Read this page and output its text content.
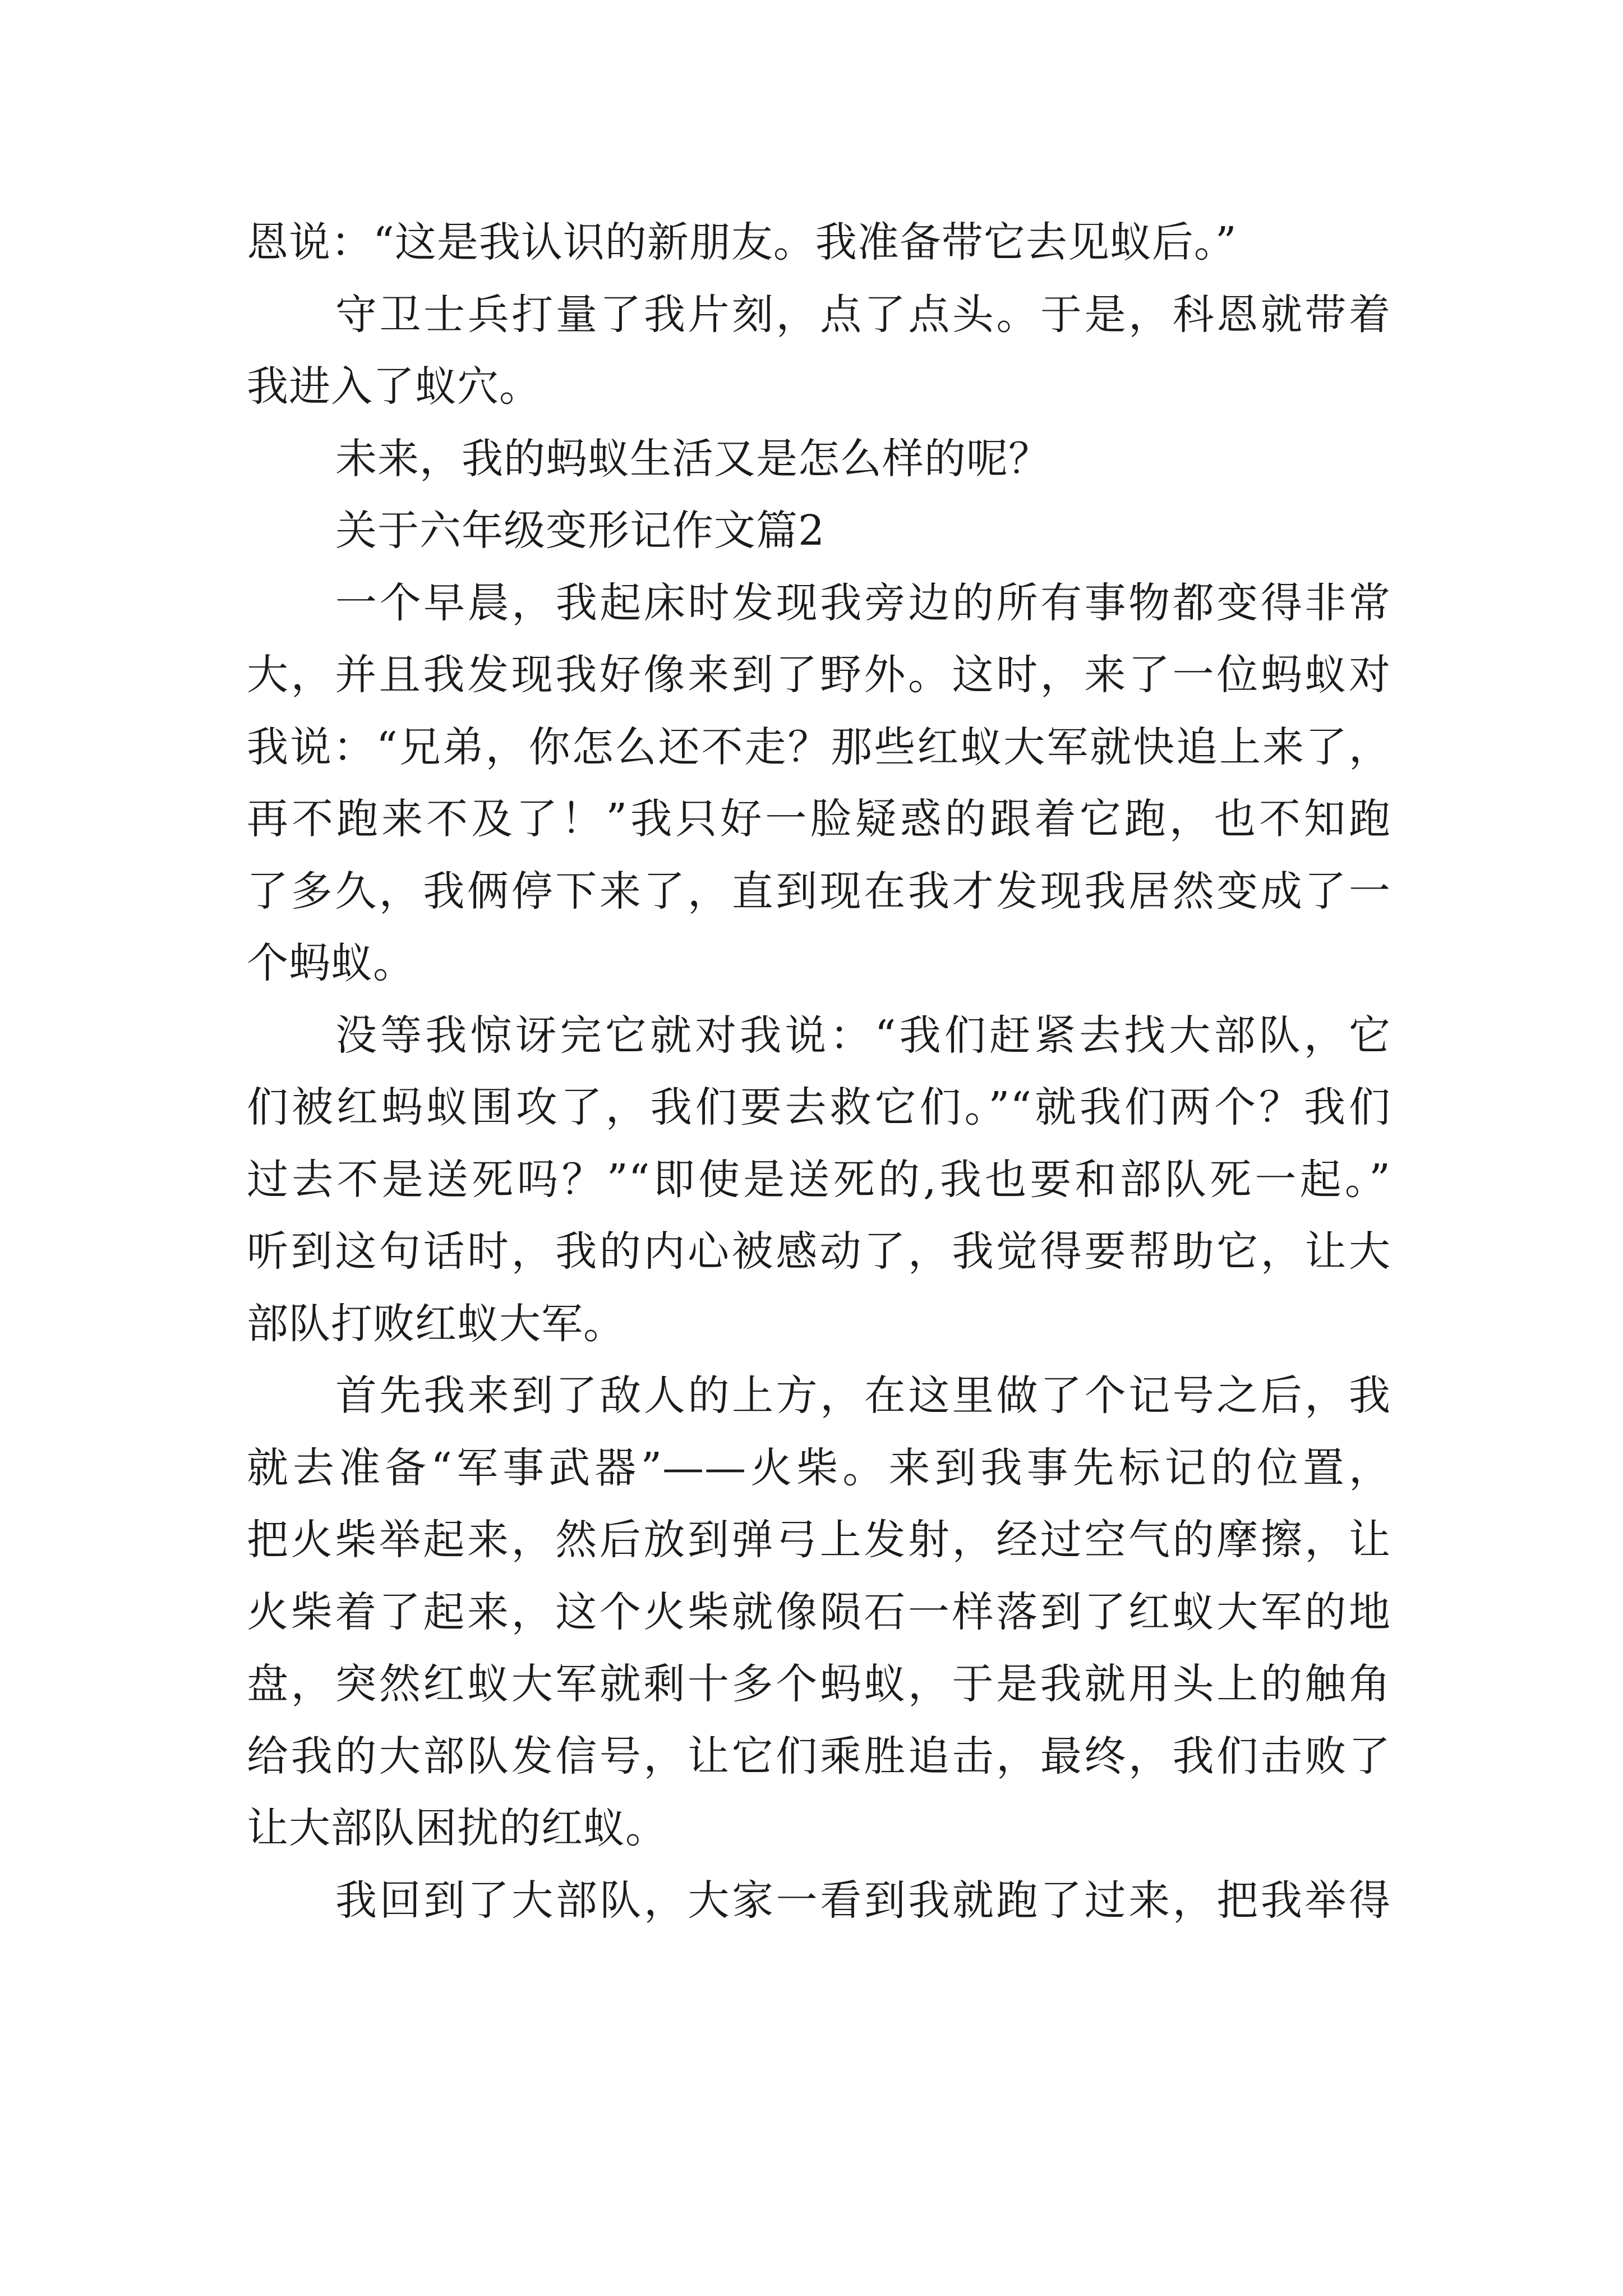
恩说：“这是我认识的新朋友。我准备带它去见蚁后。”
守卫士兵打量了我片刻，点了点头。于是，科恩就带着
我进入了蚁穴。
未来，我的蚂蚁生活又是怎么样的呢？
关于六年级变形记作文篇2
一个早晨，我起床时发现我旁边的所有事物都变得非常
大，并且我发现我好像来到了野外。这时，来了一位蚂蚁对
我说：“兄弟，你怎么还不走？那些红蚁大军就快追上来了，
再不跑来不及了！”我只好一脸疑惑的跟着它跑，也不知跑
了多久，我俩停下来了，直到现在我才发现我居然变成了一
个蚂蚁。
没等我惊讶完它就对我说：“我们赶紧去找大部队，它
们被红蚂蚁围攻了，我们要去救它们。”“就我们两个？我们
过去不是送死吗？”“即使是送死的,我也要和部队死一起。”
听到这句话时，我的内心被感动了，我觉得要帮助它，让大
部队打败红蚁大军。
首先我来到了敌人的上方，在这里做了个记号之后，我
就去准备“军事武器”——火柴。来到我事先标记的位置，
把火柴举起来，然后放到弹弓上发射，经过空气的摩擦，让
火柴着了起来，这个火柴就像陨石一样落到了红蚁大军的地
盘，突然红蚁大军就剩十多个蚂蚁，于是我就用头上的触角
给我的大部队发信号，让它们乘胜追击，最终，我们击败了
让大部队困扰的红蚁。
我回到了大部队，大家一看到我就跑了过来，把我举得
